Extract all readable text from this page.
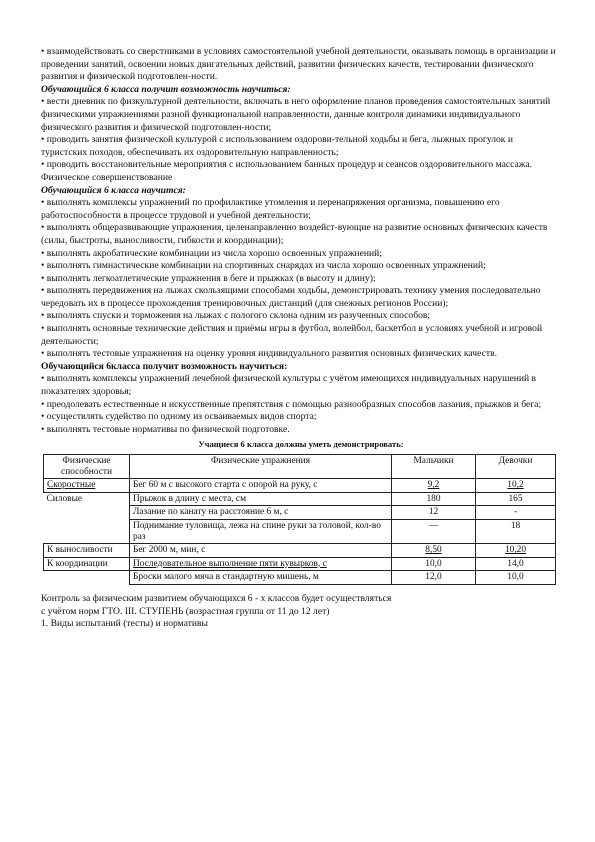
• взаимодействовать со сверстниками в условиях самостоятельной учебной деятельности, оказывать помощь в организации и проведении занятий, освоении новых двигательных действий, развитии физических качеств, тестировании физического развития и физической подготовлен-ности.

Обучающийся 6 класса получит возможность научиться:

• вести дневник по физкультурной деятельности, включать в него оформление планов проведения самостоятельных занятий физическими упражнениями разной функциональной направленности, данные контроля динамики индивидуального физического развития и физической подготовлен-ности;

• проводить занятия физической культурой с использованием оздорови-тельной ходьбы и бега, лыжных прогулок и туристских походов, обеспечивать их оздоровительную направленность;

• проводить восстановительные мероприятия с использованием банных процедур и сеансов оздоровительного массажа.

Физическое совершенствование

Обучающийся 6 класса научится:

• выполнять комплексы упражнений по профилактике утомления и перенапряжения организма, повышению его работоспособности в процессе трудовой и учебной деятельности;

• выполнять общеразвивающие упражнения, целенаправленно воздейст-вующие на развитие основных физических качеств (силы, быстроты, выносливости, гибкости и координации);

• выполнять акробатические комбинации из числа хорошо освоенных упражнений;

• выполнять гимнастические комбинации на спортивных снарядах из числа хорошо освоенных упражнений;

• выполнять легкоатлетические упражнения в беге и прыжках (в высоту и длину);

• выполнять передвижения на лыжах скользящими способами ходьбы, демонстрировать технику умения последовательно чередовать их в процессе прохождения тренировочных дистанций (для снежных регионов России);

• выполнять спуски и торможения на лыжах с пологого склона одним из разученных способов;

• выполнять основные технические действия и приёмы игры в футбол, волейбол, баскетбол в условиях учебной и игровой деятельности;

• выполнять тестовые упражнения на оценку уровня индивидуального развития основных физических качеств.

Обучающийся 6класса получит возможность научиться:

• выполнять комплексы упражнений лечебной физической культуры с учётом имеющихся индивидуальных нарушений в показателях здоровья;

• преодолевать естественные и искусственные препятствия с помощью разнообразных способов лазания, прыжков и бега;

• осуществлять судейство по одному из осваиваемых видов спорта;

• выполнять тестовые нормативы по физической подготовке.

Учащиеся 6 класса должны уметь демонстрировать:

Физические способности	Физические упражнения	Мальчики	Девочки
Скоростные	Бег 60 м с высокого старта с опорой на руку, с	9,2	10,2
Силовые	Прыжок в длину с места, см	180	165
	Лазание по канату на расстояние 6 м, с	12	-
	Поднимание туловища, лежа на спине руки за головой, кол-во раз	—	18
К выносливости	Бег 2000 м, мин, с	8,50	10,20
К координации	Последовательное выполнение пяти кувырков, с	10,0	14,0
	Броски малого мяча в стандартную мишень, м	12,0	10,0

Контроль за физическим развитием обучающихся 6 - х классов будет осуществляться

с учётом норм ГТО. III. СТУПЕНЬ (возрастная группа от 11 до 12 лет)

1. Виды испытаний (тесты) и нормативы
